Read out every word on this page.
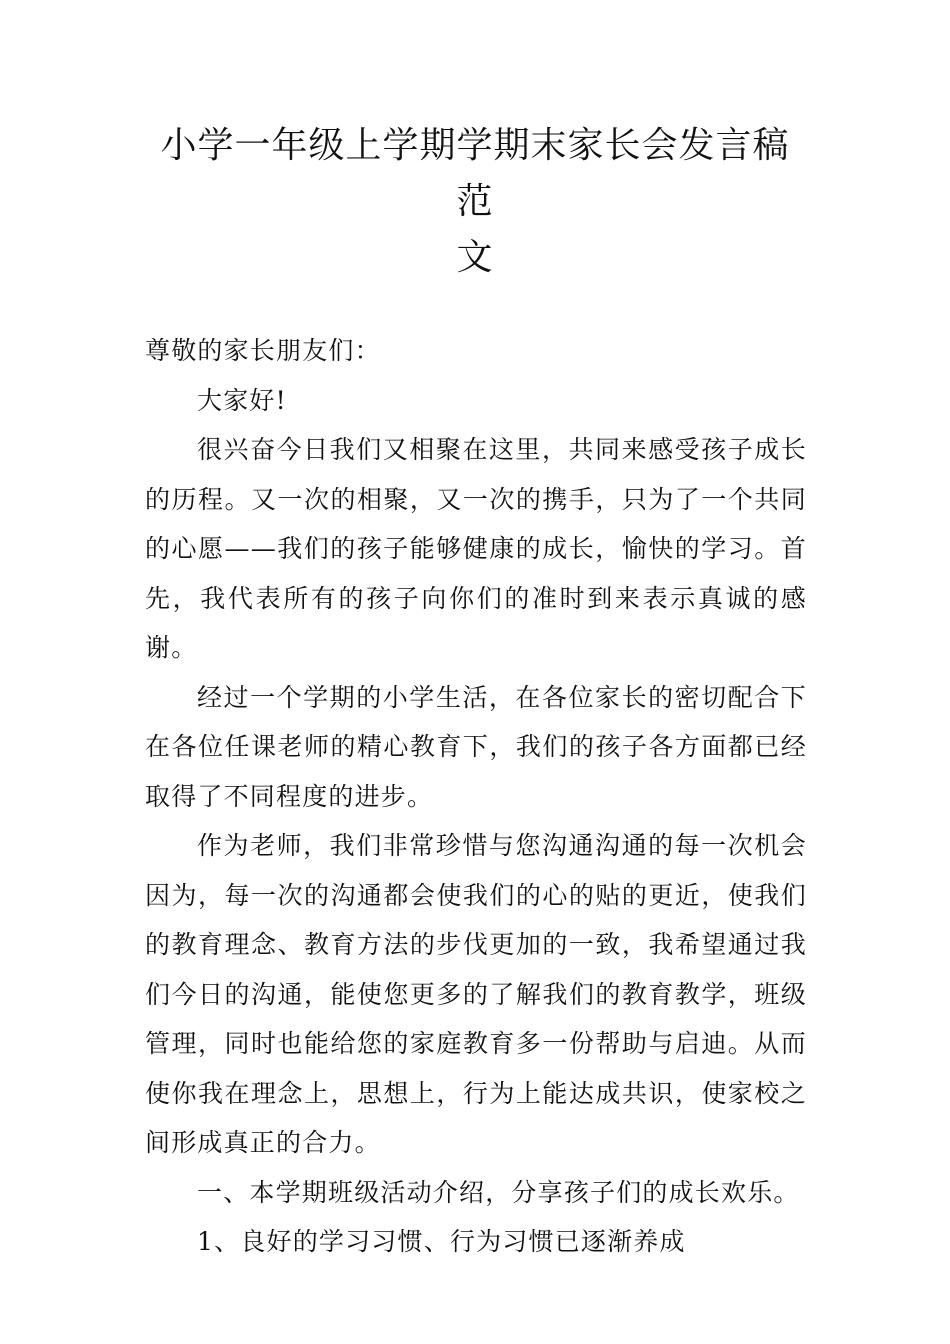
小学一年级上学期学期末家长会发言稿范
文

尊敬的家长朋友们：

大家好!

很兴奋今日我们又相聚在这里，共同来感受孩子成长的历程。又一次的相聚，又一次的携手，只为了一个共同的心愿——我们的孩子能够健康的成长，愉快的学习。首先，我代表所有的孩子向你们的准时到来表示真诚的感谢。

经过一个学期的小学生活，在各位家长的密切配合下在各位任课老师的精心教育下，我们的孩子各方面都已经取得了不同程度的进步。

作为老师，我们非常珍惜与您沟通沟通的每一次机会因为，每一次的沟通都会使我们的心的贴的更近，使我们的教育理念、教育方法的步伐更加的一致，我希望通过我们今日的沟通，能使您更多的了解我们的教育教学，班级管理，同时也能给您的家庭教育多一份帮助与启迪。从而使你我在理念上，思想上，行为上能达成共识，使家校之间形成真正的合力。

一、本学期班级活动介绍，分享孩子们的成长欢乐。

1、良好的学习习惯、行为习惯已逐渐养成
